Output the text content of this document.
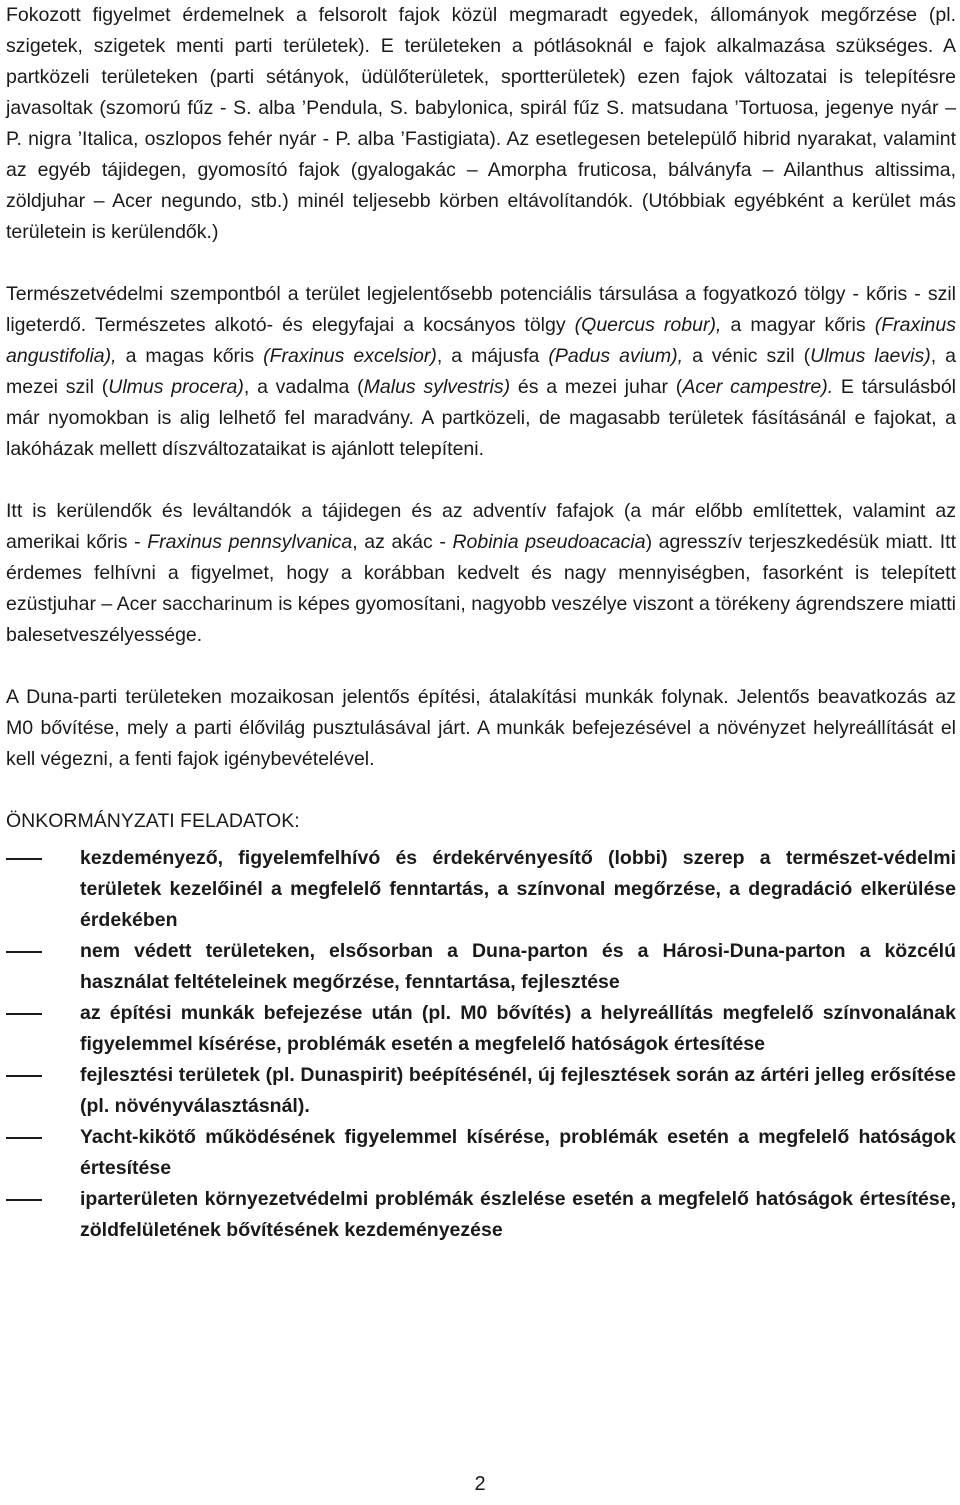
Fokozott figyelmet érdemelnek a felsorolt fajok közül megmaradt egyedek, állományok megőrzése (pl. szigetek, szigetek menti parti területek). E területeken a pótlásoknál e fajok alkalmazása szükséges. A partközeli területeken (parti sétányok, üdülőterületek, sportterületek) ezen fajok változatai is telepítésre javasoltak (szomorú fűz - S. alba ’Pendula, S. babylonica, spirál fűz S. matsudana ’Tortuosa, jegenye nyár – P. nigra ’Italica, oszlopos fehér nyár - P. alba ’Fastigiata). Az esetlegesen betelepülő hibrid nyarakat, valamint az egyéb tájidegen, gyomosító fajok (gyalogakác – Amorpha fruticosa, bálványfa – Ailanthus altissima, zöldjuhar – Acer negundo, stb.) minél teljesebb körben eltávolítandók. (Utóbbiak egyébként a kerület más területein is kerülendők.)

Természetvédelmi szempontból a terület legjelentősebb potenciális társulása a fogyatkozó tölgy - kőris - szil ligeterdő. Természetes alkotó- és elegyfajai a kocsányos tölgy (Quercus robur), a magyar kőris (Fraxinus angustifolia), a magas kőris (Fraxinus excelsior), a májusfa (Padus avium), a vénic szil (Ulmus laevis), a mezei szil (Ulmus procera), a vadalma (Malus sylvestris) és a mezei juhar (Acer campestre). E társulásból már nyomokban is alig lelhető fel maradvány. A partközeli, de magasabb területek fásításánál e fajokat, a lakóházak mellett díszváltozataikat is ajánlott telepíteni.

Itt is kerülendők és leváltandók a tájidegen és az adventív fafajok (a már előbb említettek, valamint az amerikai kőris - Fraxinus pennsylvanica, az akác - Robinia pseudoacacia) agresszív terjeszkedésük miatt. Itt érdemes felhívni a figyelmet, hogy a korábban kedvelt és nagy mennyiségben, fasorként is telepített ezüstjuhar – Acer saccharinum is képes gyomosítani, nagyobb veszélye viszont a törékeny ágrendszere miatti balesetveszélyessége.

A Duna-parti területeken mozaikosan jelentős építési, átalakítási munkák folynak. Jelentős beavatkozás az M0 bővítése, mely a parti élővilág pusztulásával járt. A munkák befejezésével a növényzet helyreállítását el kell végezni, a fenti fajok igénybevételével.

ÖNKORMÁNYZATI FELADATOK:

kezdeményező, figyelemfelhívó és érdekérvényesítő (lobbi) szerep a természet-védelmi területek kezelőinél a megfelelő fenntartás, a színvonal megőrzése, a degradáció elkerülése érdekében
nem védett területeken, elsősorban a Duna-parton és a Hárosi-Duna-parton a közcélú használat feltételeinek megőrzése, fenntartása, fejlesztése
az építési munkák befejezése után (pl. M0 bővítés) a helyreállítás megfelelő színvonalának figyelemmel kísérése, problémák esetén a megfelelő hatóságok értesítése
fejlesztési területek (pl. Dunaspirit) beépítésénél, új fejlesztések során az ártéri jelleg erősítése (pl. növényválasztásnál).
Yacht-kikötő működésének figyelemmel kísérése, problémák esetén a megfelelő hatóságok értesítése
iparterületen környezetvédelmi problémák észlelése esetén a megfelelő hatóságok értesítése, zöldfelületének bővítésének kezdeményezése
2
